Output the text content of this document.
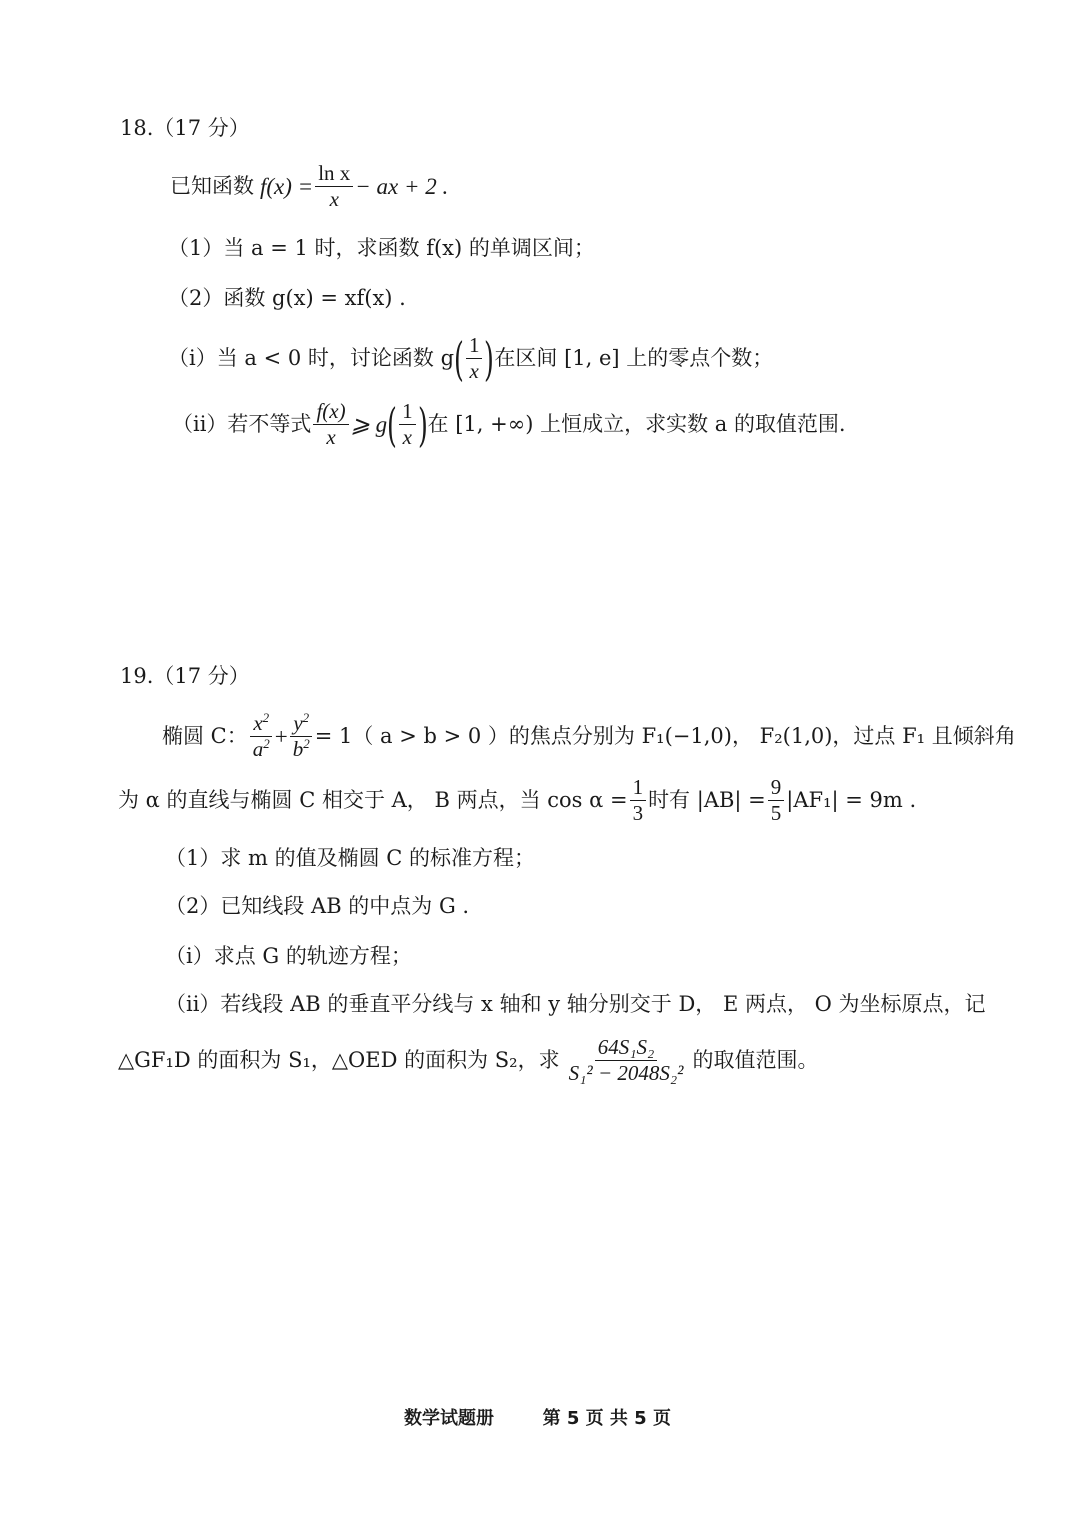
18.（17 分）
已知函数 $f(x) = \frac{\text{ln x}}{x}$ − ax + 2 .
（1）当 a = 1 时，求函数 f(x) 的单调区间；
（2）函数 g(x) = xf(x) .
（i）当 a < 0 时，讨论函数 g ( $\frac{1}{x}$ ) 在区间 [1, e] 上的零点个数；
（ii）若不等式 $\frac{f(x)}{x}$ ⩾ g ( $\frac{1}{x}$ ) 在 [1, +∞) 上恒成立，求实数 a 的取值范围.
19.（17 分）
椭圆 C： $\frac{x^2}{a^2} + \frac{y^2}{b^2} = 1$（ a > b > 0 ）的焦点分别为 F₁(−1,0)， F₂(1,0)，过点 F₁ 且倾斜角
为 α 的直线与椭圆 C 相交于 A， B 两点，当 $\cos \alpha = \frac{1}{3}$ 时有 $|AB| = \frac{9}{5} |AF_1| = 9m$ .
（1）求 m 的值及椭圆 C 的标准方程；
（2）已知线段 AB 的中点为 G .
（i）求点 G 的轨迹方程；
（ii）若线段 AB 的垂直平分线与 x 轴和 y 轴分别交于 D， E 两点， O 为坐标原点，记
△GF₁D 的面积为 S₁，△OED 的面积为 S₂，求 $\frac{\text{64S₁S₂}}{\text{S₁² − 2048S₂²}}$ 的取值范围。
数学试题册	第 5 页 共 5 页
